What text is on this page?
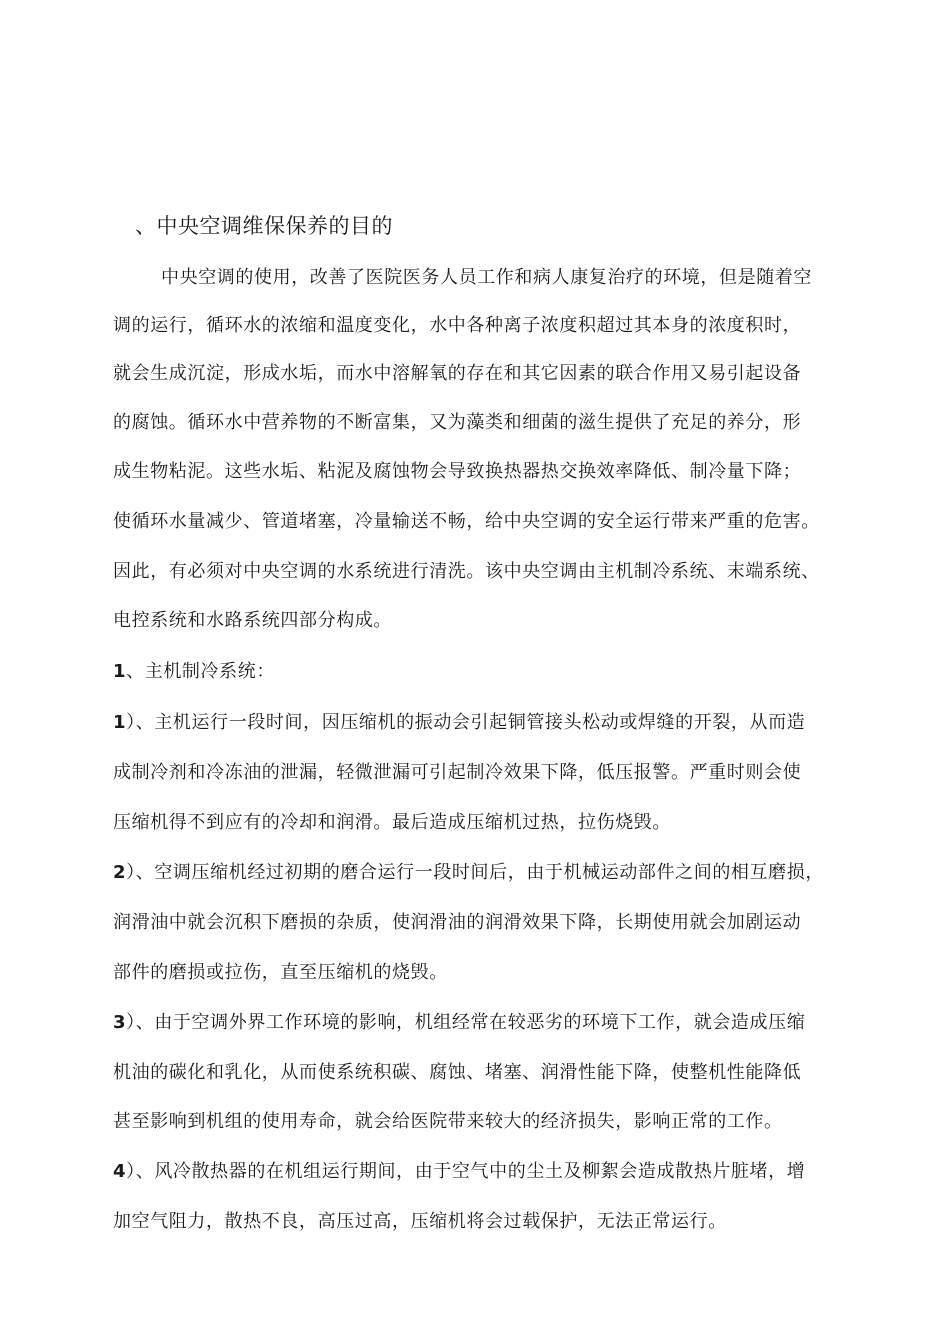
、中央空调维保保养的目的
中央空调的使用，改善了医院医务人员工作和病人康复治疗的环境，但是随着空
调的运行，循环水的浓缩和温度变化，水中各种离子浓度积超过其本身的浓度积时，
就会生成沉淀，形成水垢，而水中溶解氧的存在和其它因素的联合作用又易引起设备
的腐蚀。循环水中营养物的不断富集，又为藻类和细菌的滋生提供了充足的养分，形
成生物粘泥。这些水垢、粘泥及腐蚀物会导致换热器热交换效率降低、制冷量下降；
使循环水量减少、管道堵塞，冷量输送不畅，给中央空调的安全运行带来严重的危害。
因此，有必须对中央空调的水系统进行清洗。该中央空调由主机制冷系统、末端系统、
电控系统和水路系统四部分构成。
1、主机制冷系统：
1）、主机运行一段时间，因压缩机的振动会引起铜管接头松动或焊缝的开裂，从而造
成制冷剂和冷冻油的泄漏，轻微泄漏可引起制冷效果下降，低压报警。严重时则会使
压缩机得不到应有的冷却和润滑。最后造成压缩机过热，拉伤烧毁。
2）、空调压缩机经过初期的磨合运行一段时间后，由于机械运动部件之间的相互磨损，
润滑油中就会沉积下磨损的杂质，使润滑油的润滑效果下降，长期使用就会加剧运动
部件的磨损或拉伤，直至压缩机的烧毁。
3）、由于空调外界工作环境的影响，机组经常在较恶劣的环境下工作，就会造成压缩
机油的碳化和乳化，从而使系统积碳、腐蚀、堵塞、润滑性能下降，使整机性能降低
甚至影响到机组的使用寿命，就会给医院带来较大的经济损失，影响正常的工作。
4）、风冷散热器的在机组运行期间，由于空气中的尘土及柳絮会造成散热片脏堵，增
加空气阻力，散热不良，高压过高，压缩机将会过载保护，无法正常运行。
